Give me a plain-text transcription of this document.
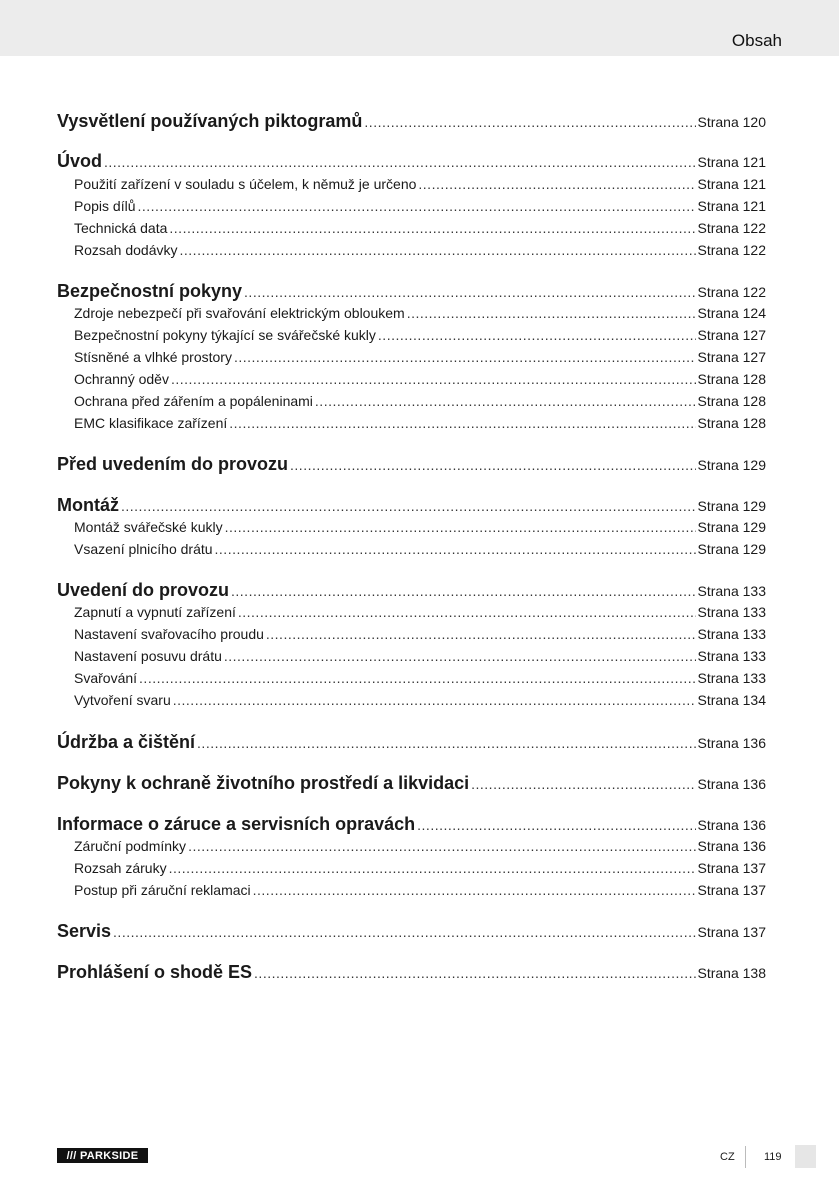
Obsah
Vysvětlení používaných piktogramů .....	Strana 120
Úvod .....	Strana 121
Použití zařízení v souladu s účelem, k němuž je určeno .....	Strana 121
Popis dílů .....	Strana 121
Technická data .....	Strana 122
Rozsah dodávky .....	Strana 122
Bezpečnostní pokyny .....	Strana 122
Zdroje nebezpečí při svařování elektrickým obloukem .....	Strana 124
Bezpečnostní pokyny týkající se svářečské kukly .....	Strana 127
Stísněné a vlhké prostory .....	Strana 127
Ochranný oděv .....	Strana 128
Ochrana před zářením a popáleninami .....	Strana 128
EMC klasifikace zařízení .....	Strana 128
Před uvedením do provozu .....	Strana 129
Montáž .....	Strana 129
Montáž svářečské kukly .....	Strana 129
Vsazení plnicího drátu .....	Strana 129
Uvedení do provozu .....	Strana 133
Zapnutí a vypnutí zařízení .....	Strana 133
Nastavení svařovacího proudu .....	Strana 133
Nastavení posuvu drátu .....	Strana 133
Svařování .....	Strana 133
Vytvoření svaru .....	Strana 134
Údržba a čištění .....	Strana 136
Pokyny k ochraně životního prostředí a likvidaci .....	Strana 136
Informace o záruce a servisních opravách .....	Strana 136
Záruční podmínky .....	Strana 136
Rozsah záruky .....	Strana 137
Postup při záruční reklamaci .....	Strana 137
Servis .....	Strana 137
Prohlášení o shodě ES .....	Strana 138
/// PARKSIDE	CZ	119
